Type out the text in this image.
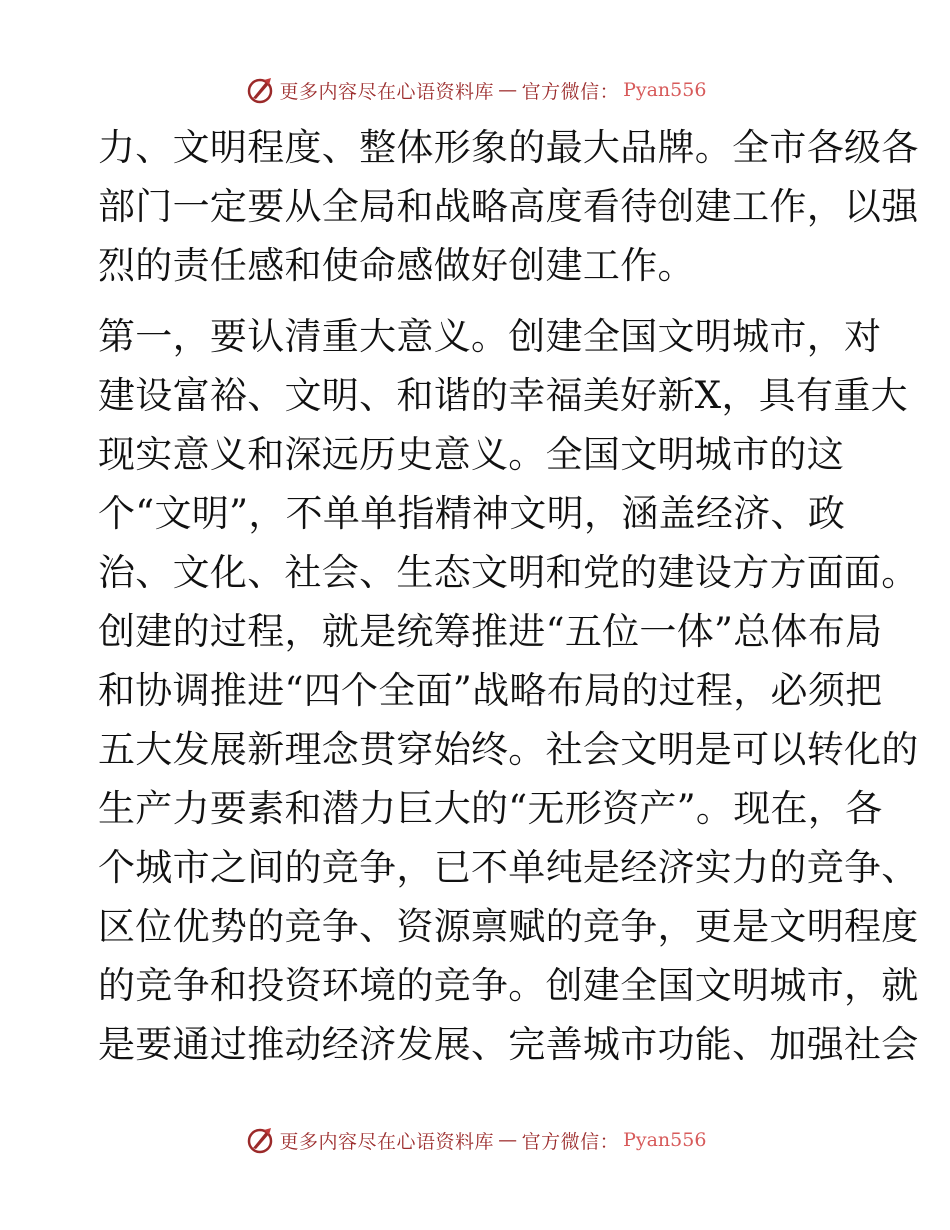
更多内容尽在心语资料库 — 官方微信： Pyan556
力、文明程度、整体形象的最大品牌。全市各级各
部门一定要从全局和战略高度看待创建工作，以强
烈的责任感和使命感做好创建工作。
第一，要认清重大意义。创建全国文明城市，对
建设富裕、文明、和谐的幸福美好新X，具有重大
现实意义和深远历史意义。全国文明城市的这
个“文明”，不单单指精神文明，涵盖经济、政
治、文化、社会、生态文明和党的建设方方面面。
创建的过程，就是统筹推进“五位一体”总体布局
和协调推进“四个全面”战略布局的过程，必须把
五大发展新理念贯穿始终。社会文明是可以转化的
生产力要素和潜力巨大的“无形资产”。现在，各
个城市之间的竞争，已不单纯是经济实力的竞争、
区位优势的竞争、资源禀赋的竞争，更是文明程度
的竞争和投资环境的竞争。创建全国文明城市，就
是要通过推动经济发展、完善城市功能、加强社会
更多内容尽在心语资料库 — 官方微信： Pyan556
